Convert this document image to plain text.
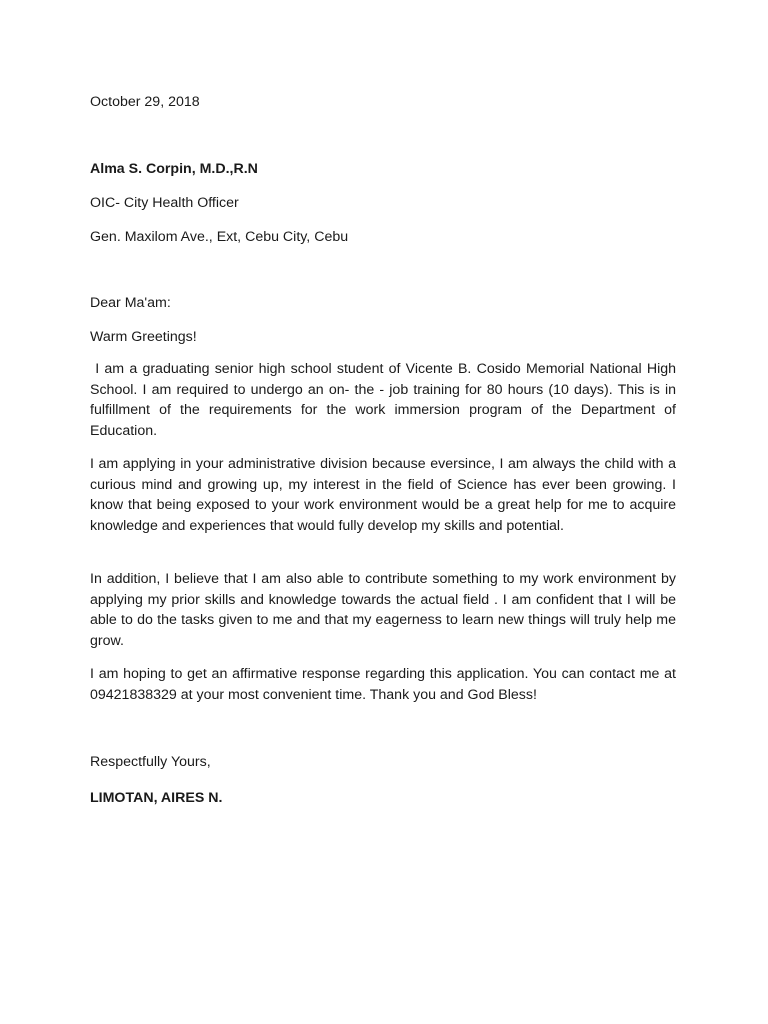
October 29, 2018
Alma S. Corpin, M.D.,R.N
OIC- City Health Officer
Gen. Maxilom Ave., Ext, Cebu City, Cebu
Dear Ma'am:
Warm Greetings!
I am a graduating senior high school student of Vicente B. Cosido Memorial National High School. I am required to undergo an on- the - job training for 80 hours (10 days). This is in fulfillment of the requirements for the work immersion program of the Department of Education.
I am applying in your administrative division because eversince, I am always the child with a curious mind and growing up, my interest in the field of Science has ever been growing. I know that being exposed to your work environment would be a great help for me to acquire knowledge and experiences that would fully develop my skills and potential.
In addition, I believe that I am also able to contribute something to my work environment by applying my prior skills and knowledge towards the actual field . I am confident that I will be able to do the tasks given to me and that my eagerness to learn new things will truly help me grow.
I am hoping to get an affirmative response regarding this application. You can contact me at 09421838329 at your most convenient time. Thank you and God Bless!
Respectfully Yours,
LIMOTAN, AIRES N.
